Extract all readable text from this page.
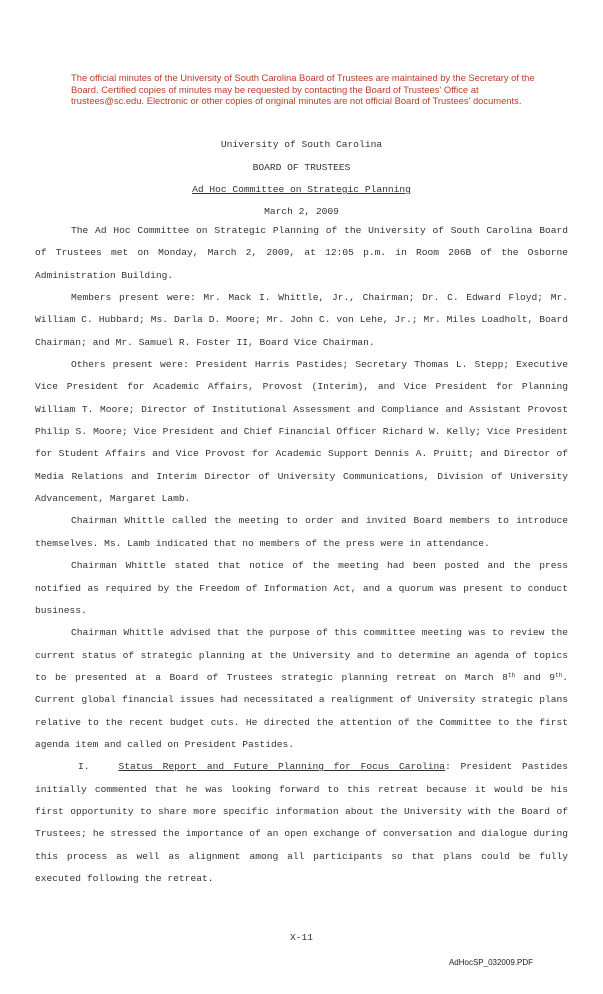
The official minutes of the University of South Carolina Board of Trustees are maintained by the Secretary of the Board. Certified copies of minutes may be requested by contacting the Board of Trustees' Office at trustees@sc.edu. Electronic or other copies of original minutes are not official Board of Trustees' documents.
University of South Carolina
BOARD OF TRUSTEES
Ad Hoc Committee on Strategic Planning
March 2, 2009

The Ad Hoc Committee on Strategic Planning of the University of South Carolina Board of Trustees met on Monday, March 2, 2009, at 12:05 p.m. in Room 206B of the Osborne Administration Building.

Members present were: Mr. Mack I. Whittle, Jr., Chairman; Dr. C. Edward Floyd; Mr. William C. Hubbard; Ms. Darla D. Moore; Mr. John C. von Lehe, Jr.; Mr. Miles Loadholt, Board Chairman; and Mr. Samuel R. Foster II, Board Vice Chairman.

Others present were: President Harris Pastides; Secretary Thomas L. Stepp; Executive Vice President for Academic Affairs, Provost (Interim), and Vice President for Planning William T. Moore; Director of Institutional Assessment and Compliance and Assistant Provost Philip S. Moore; Vice President and Chief Financial Officer Richard W. Kelly; Vice President for Student Affairs and Vice Provost for Academic Support Dennis A. Pruitt; and Director of Media Relations and Interim Director of University Communications, Division of University Advancement, Margaret Lamb.

Chairman Whittle called the meeting to order and invited Board members to introduce themselves. Ms. Lamb indicated that no members of the press were in attendance.

Chairman Whittle stated that notice of the meeting had been posted and the press notified as required by the Freedom of Information Act, and a quorum was present to conduct business.

Chairman Whittle advised that the purpose of this committee meeting was to review the current status of strategic planning at the University and to determine an agenda of topics to be presented at a Board of Trustees strategic planning retreat on March 8th and 9th. Current global financial issues had necessitated a realignment of University strategic plans relative to the recent budget cuts. He directed the attention of the Committee to the first agenda item and called on President Pastides.

I.	Status Report and Future Planning for Focus Carolina: President Pastides initially commented that he was looking forward to this retreat because it would be his first opportunity to share more specific information about the University with the Board of Trustees; he stressed the importance of an open exchange of conversation and dialogue during this process as well as alignment among all participants so that plans could be fully executed following the retreat.

X-11
AdHocSP_032009.PDF
